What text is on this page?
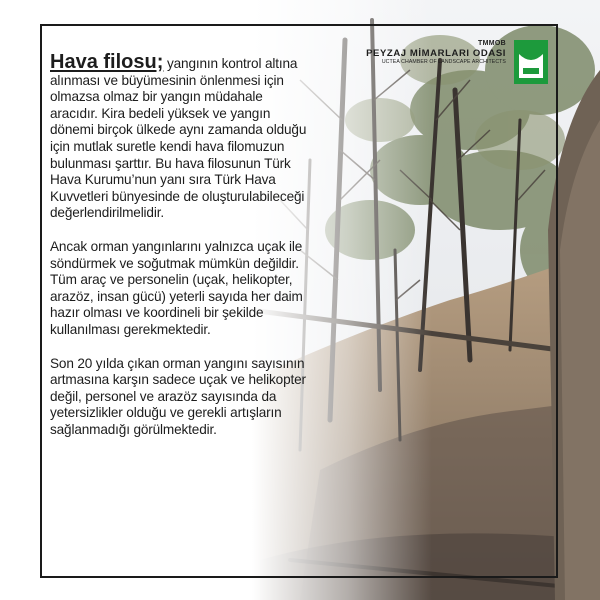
TMMOB
PEYZAJ MİMARLARI ODASI
UCTEA CHAMBER OF LANDSCAPE ARCHITECTS

Hava filosu; yangının kontrol altına alınması ve büyümesinin önlenmesi için olmazsa olmaz bir yangın müdahale aracıdır. Kira bedeli yüksek ve yangın dönemi birçok ülkede aynı zamanda olduğu için mutlak suretle kendi hava filomuzun bulunması şarttır. Bu hava filosunun Türk Hava Kurumu’nun yanı sıra Türk Hava Kuvvetleri bünyesinde de oluşturulabileceği değerlendirilmelidir.

Ancak orman yangınlarını yalnızca uçak ile söndürmek ve soğutmak mümkün değildir. Tüm araç ve personelin (uçak, helikopter, arazöz, insan gücü) yeterli sayıda her daim hazır olması ve koordineli bir şekilde kullanılması gerekmektedir.

Son 20 yılda çıkan orman yangını sayısının artmasına karşın sadece uçak ve helikopter değil, personel ve arazöz sayısında da yetersizlikler olduğu ve gerekli artışların sağlanmadığı görülmektedir.
